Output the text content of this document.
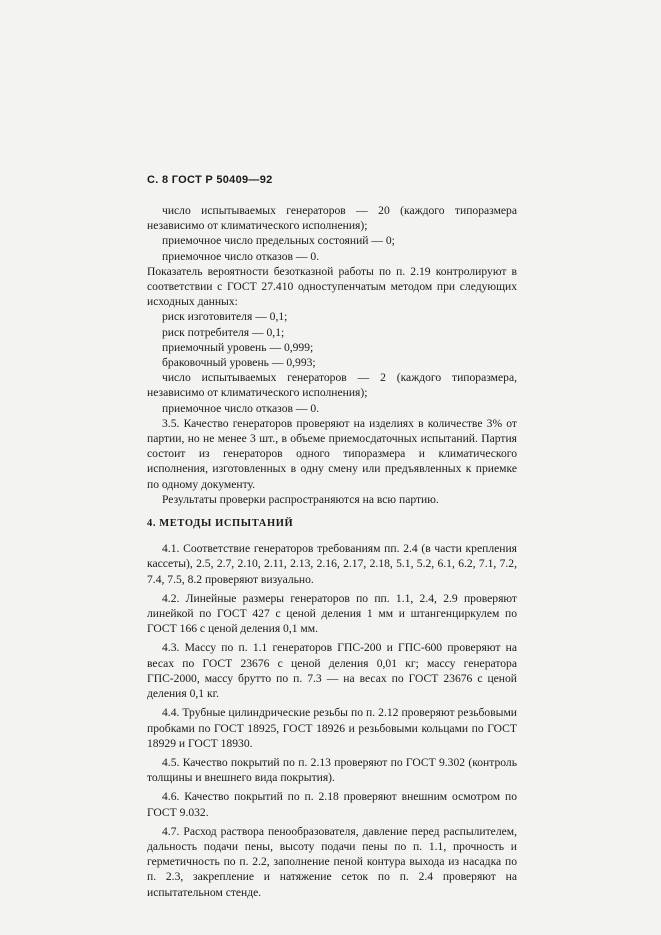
С. 8 ГОСТ Р 50409—92

число испытываемых генераторов — 20 (каждого типоразмера независимо от климатического исполнения);

приемочное число предельных состояний — 0;

приемочное число отказов — 0.

Показатель вероятности безотказной работы по п. 2.19 контролируют в соответствии с ГОСТ 27.410 одноступенчатым методом при следующих исходных данных:

риск изготовителя — 0,1;

риск потребителя — 0,1;

приемочный уровень — 0,999;

браковочный уровень — 0,993;

число испытываемых генераторов — 2 (каждого типоразмера, независимо от климатического исполнения);

приемочное число отказов — 0.

3.5. Качество генераторов проверяют на изделиях в количестве 3% от партии, но не менее 3 шт., в объеме приемосдаточных испытаний. Партия состоит из генераторов одного типоразмера и климатического исполнения, изготовленных в одну смену или предъявленных к приемке по одному документу.

Результаты проверки распространяются на всю партию.

4. МЕТОДЫ ИСПЫТАНИЙ

4.1. Соответствие генераторов требованиям пп. 2.4 (в части крепления кассеты), 2.5, 2.7, 2.10, 2.11, 2.13, 2.16, 2.17, 2.18, 5.1, 5.2, 6.1, 6.2, 7.1, 7.2, 7.4, 7.5, 8.2 проверяют визуально.

4.2. Линейные размеры генераторов по пп. 1.1, 2.4, 2.9 проверяют линейкой по ГОСТ 427 с ценой деления 1 мм и штангенциркулем по ГОСТ 166 с ценой деления 0,1 мм.

4.3. Массу по п. 1.1 генераторов ГПС-200 и ГПС-600 проверяют на весах по ГОСТ 23676 с ценой деления 0,01 кг; массу генератора ГПС-2000, массу брутто по п. 7.3 — на весах по ГОСТ 23676 с ценой деления 0,1 кг.

4.4. Трубные цилиндрические резьбы по п. 2.12 проверяют резьбовыми пробками по ГОСТ 18925, ГОСТ 18926 и резьбовыми кольцами по ГОСТ 18929 и ГОСТ 18930.

4.5. Качество покрытий по п. 2.13 проверяют по ГОСТ 9.302 (контроль толщины и внешнего вида покрытия).

4.6. Качество покрытий по п. 2.18 проверяют внешним осмотром по ГОСТ 9.032.

4.7. Расход раствора пенообразователя, давление перед распылителем, дальность подачи пены, высоту подачи пены по п. 1.1, прочность и герметичность по п. 2.2, заполнение пеной контура выхода из насадка по п. 2.3, закрепление и натяжение сеток по п. 2.4 проверяют на испытательном стенде.
